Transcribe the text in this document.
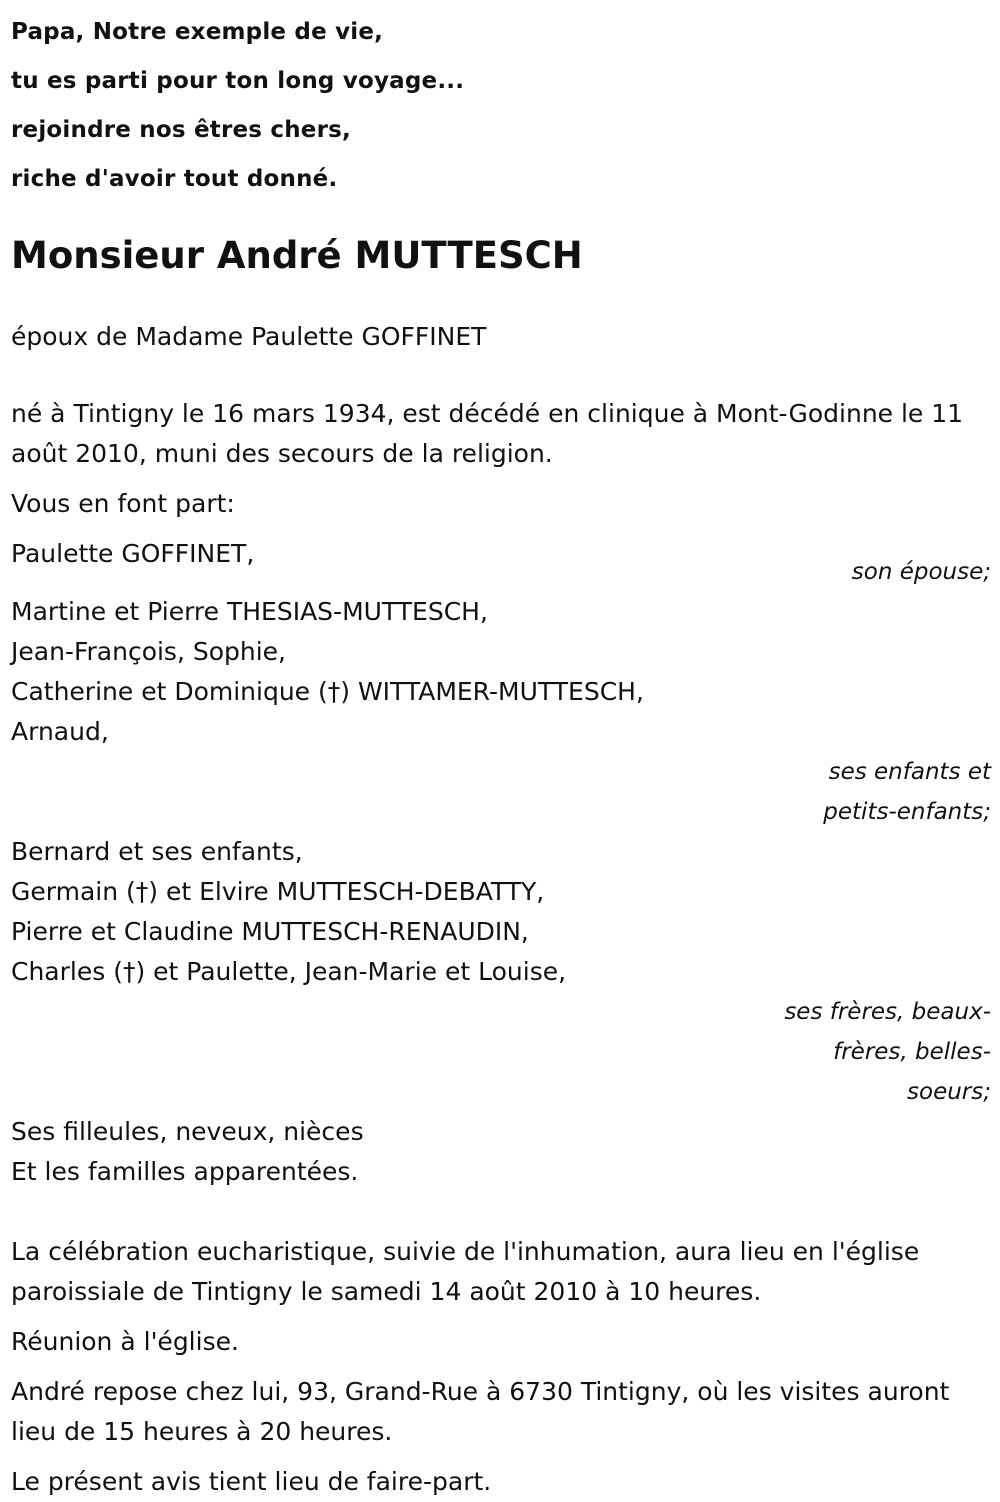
Papa, Notre exemple de vie,
tu es parti pour ton long voyage...
rejoindre nos êtres chers,
riche d'avoir tout donné.
Monsieur André MUTTESCH
époux de Madame Paulette GOFFINET
né à Tintigny le 16 mars 1934, est décédé en clinique à Mont-Godinne le 11 août 2010, muni des secours de la religion.
Vous en font part:
Paulette GOFFINET,
son épouse;
Martine et Pierre THESIAS-MUTTESCH,
Jean-François, Sophie,
Catherine et Dominique (†) WITTAMER-MUTTESCH,
Arnaud,
ses enfants et
petits-enfants;
Bernard et ses enfants,
Germain (†) et Elvire MUTTESCH-DEBATTY,
Pierre et Claudine MUTTESCH-RENAUDIN,
Charles (†) et Paulette, Jean-Marie et Louise,
ses frères, beaux-
frères, belles-
soeurs;
Ses filleules, neveux, nièces
Et les familles apparentées.
La célébration eucharistique, suivie de l'inhumation, aura lieu en l'église paroissiale de Tintigny le samedi 14 août 2010 à 10 heures.
Réunion à l'église.
André repose chez lui, 93, Grand-Rue à 6730 Tintigny, où les visites auront lieu de 15 heures à 20 heures.
Le présent avis tient lieu de faire-part.
